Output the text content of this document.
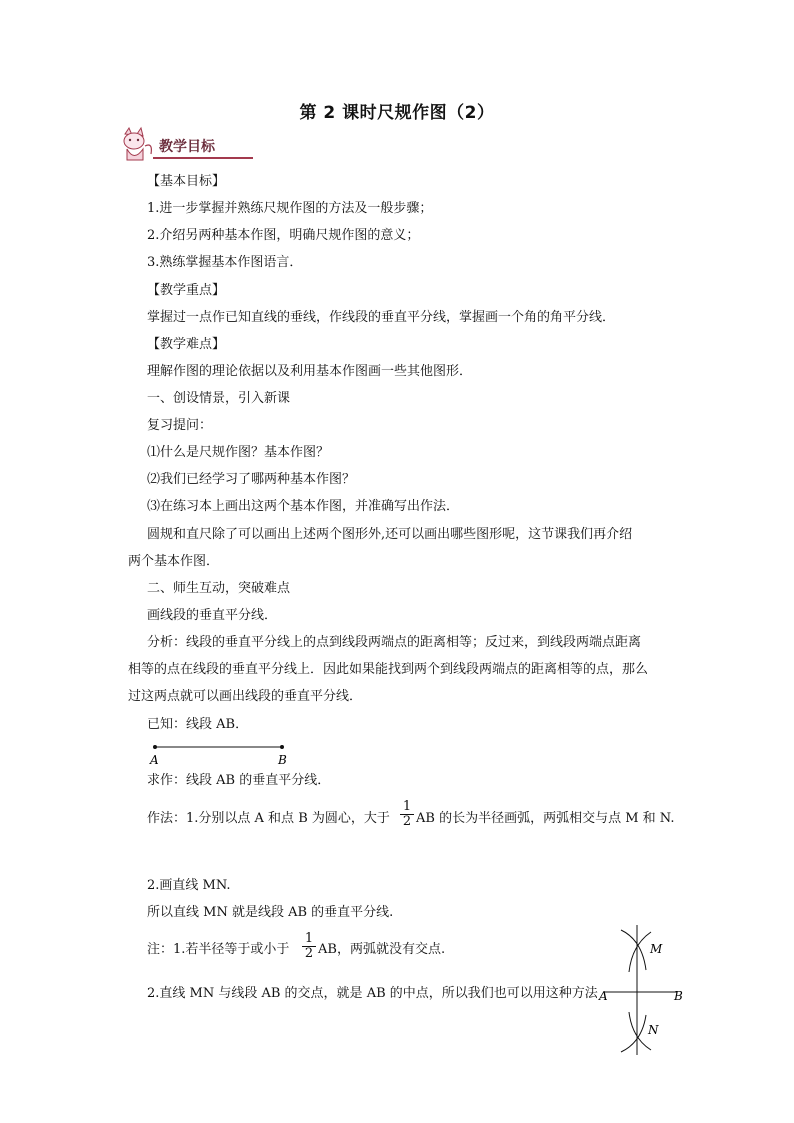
第 2 课时尺规作图（2）
教学目标
【基本目标】
1.进一步掌握并熟练尺规作图的方法及一般步骤；
2.介绍另两种基本作图，明确尺规作图的意义；
3.熟练掌握基本作图语言．
【教学重点】
掌握过一点作已知直线的垂线，作线段的垂直平分线，掌握画一个角的角平分线．
【教学难点】
理解作图的理论依据以及利用基本作图画一些其他图形．
一、创设情景，引入新课
复习提问：
⑴什么是尺规作图？基本作图？
⑵我们已经学习了哪两种基本作图？
⑶在练习本上画出这两个基本作图，并准确写出作法．
圆规和直尺除了可以画出上述两个图形外,还可以画出哪些图形呢，这节课我们再介绍
两个基本作图．
二、师生互动，突破难点
画线段的垂直平分线．
分析：线段的垂直平分线上的点到线段两端点的距离相等；反过来，到线段两端点距离
相等的点在线段的垂直平分线上．因此如果能找到两个到线段两端点的距离相等的点，那么
过这两点就可以画出线段的垂直平分线．
已知：线段 AB．
A	B
求作：线段 AB 的垂直平分线．
作法：1.分别以点 A 和点 B 为圆心，大于 $\frac{1}{2}$ AB 的长为半径画弧，两弧相交与点 M 和 N.
2.画直线 MN.
所以直线 MN 就是线段 AB 的垂直平分线.
注：1.若半径等于或小于 $\frac{1}{2}$ AB，两弧就没有交点.
2.直线 MN 与线段 AB 的交点，就是 AB 的中点，所以我们也可以用这种方法
M
N
A	B
